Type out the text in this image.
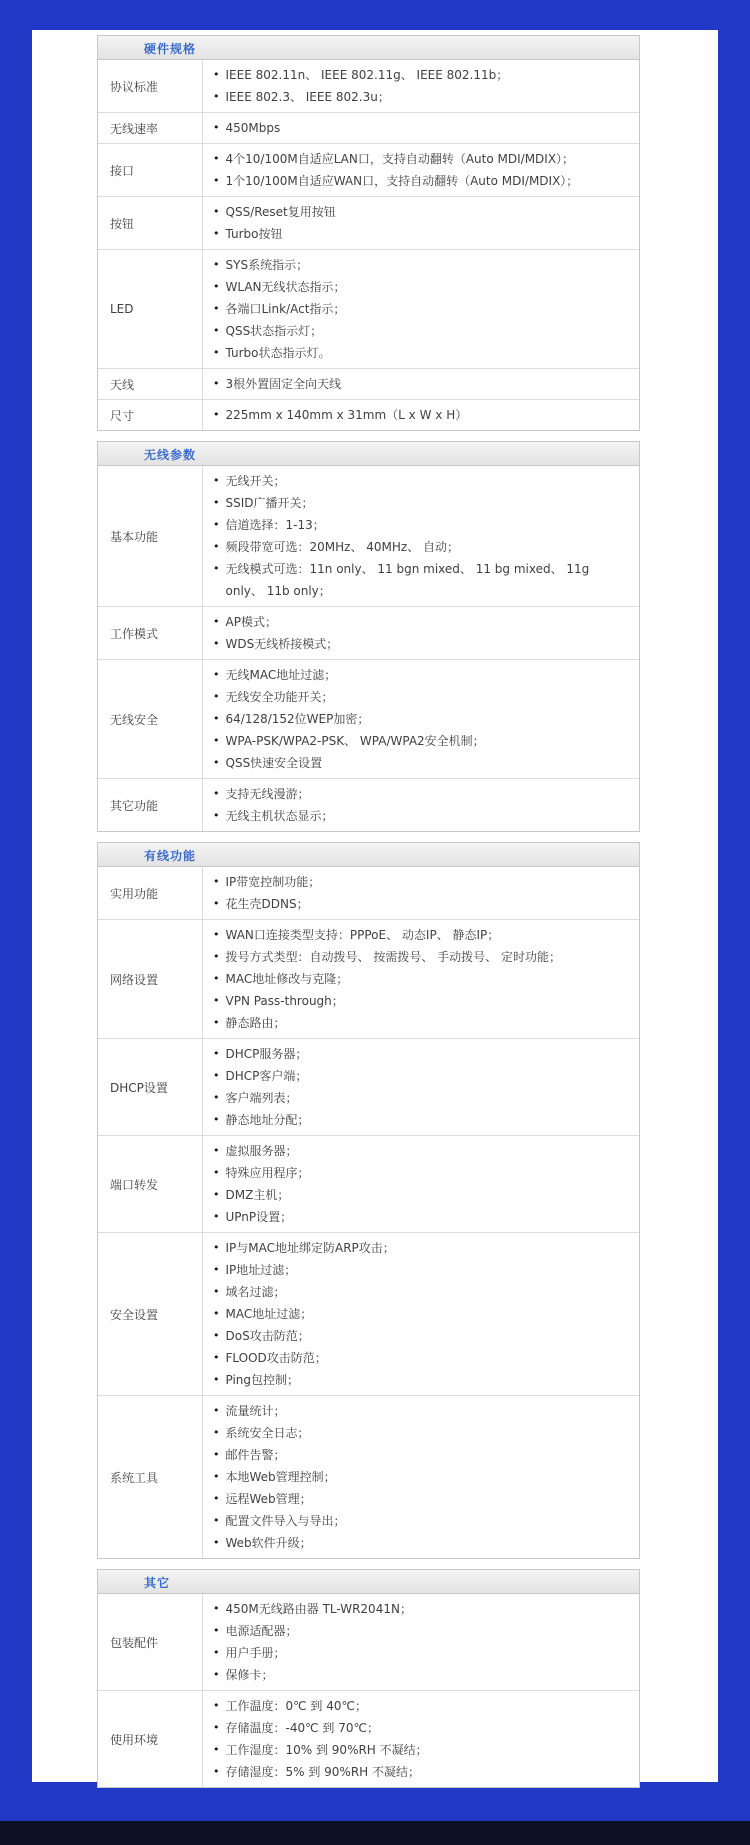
硬件规格
协议标准
• IEEE 802.11n、 IEEE 802.11g、 IEEE 802.11b；
• IEEE 802.3、 IEEE 802.3u；
无线速率	• 450Mbps
接口
• 4个10/100M自适应LAN口，支持自动翻转（Auto MDI/MDIX）；
• 1个10/100M自适应WAN口，支持自动翻转（Auto MDI/MDIX）；
按钮
• QSS/Reset复用按钮
• Turbo按钮
LED
• SYS系统指示；
• WLAN无线状态指示；
• 各端口Link/Act指示；
• QSS状态指示灯；
• Turbo状态指示灯。
天线	• 3根外置固定全向天线
尺寸	• 225mm x 140mm x 31mm（L x W x H）
无线参数
基本功能
• 无线开关；
• SSID广播开关；
• 信道选择：1-13；
• 频段带宽可选：20MHz、 40MHz、 自动；
• 无线模式可选：11n only、 11 bgn mixed、 11 bg mixed、 11g only、 11b only；
工作模式
• AP模式；
• WDS无线桥接模式；
无线安全
• 无线MAC地址过滤；
• 无线安全功能开关；
• 64/128/152位WEP加密；
• WPA-PSK/WPA2-PSK、 WPA/WPA2安全机制；
• QSS快速安全设置
其它功能
• 支持无线漫游；
• 无线主机状态显示；
有线功能
实用功能
• IP带宽控制功能；
• 花生壳DDNS；
网络设置
• WAN口连接类型支持：PPPoE、 动态IP、 静态IP；
• 拨号方式类型：自动拨号、 按需拨号、 手动拨号、 定时功能；
• MAC地址修改与克隆；
• VPN Pass-through；
• 静态路由；
DHCP设置
• DHCP服务器；
• DHCP客户端；
• 客户端列表；
• 静态地址分配；
端口转发
• 虚拟服务器；
• 特殊应用程序；
• DMZ主机；
• UPnP设置；
安全设置
• IP与MAC地址绑定防ARP攻击；
• IP地址过滤；
• 域名过滤；
• MAC地址过滤；
• DoS攻击防范；
• FLOOD攻击防范；
• Ping包控制；
系统工具
• 流量统计；
• 系统安全日志；
• 邮件告警；
• 本地Web管理控制；
• 远程Web管理；
• 配置文件导入与导出；
• Web软件升级；
其它
包装配件
• 450M无线路由器 TL-WR2041N；
• 电源适配器；
• 用户手册；
• 保修卡；
使用环境
• 工作温度：0℃ 到 40℃；
• 存储温度：-40℃ 到 70℃；
• 工作湿度：10% 到 90%RH 不凝结；
• 存储湿度：5% 到 90%RH 不凝结；
